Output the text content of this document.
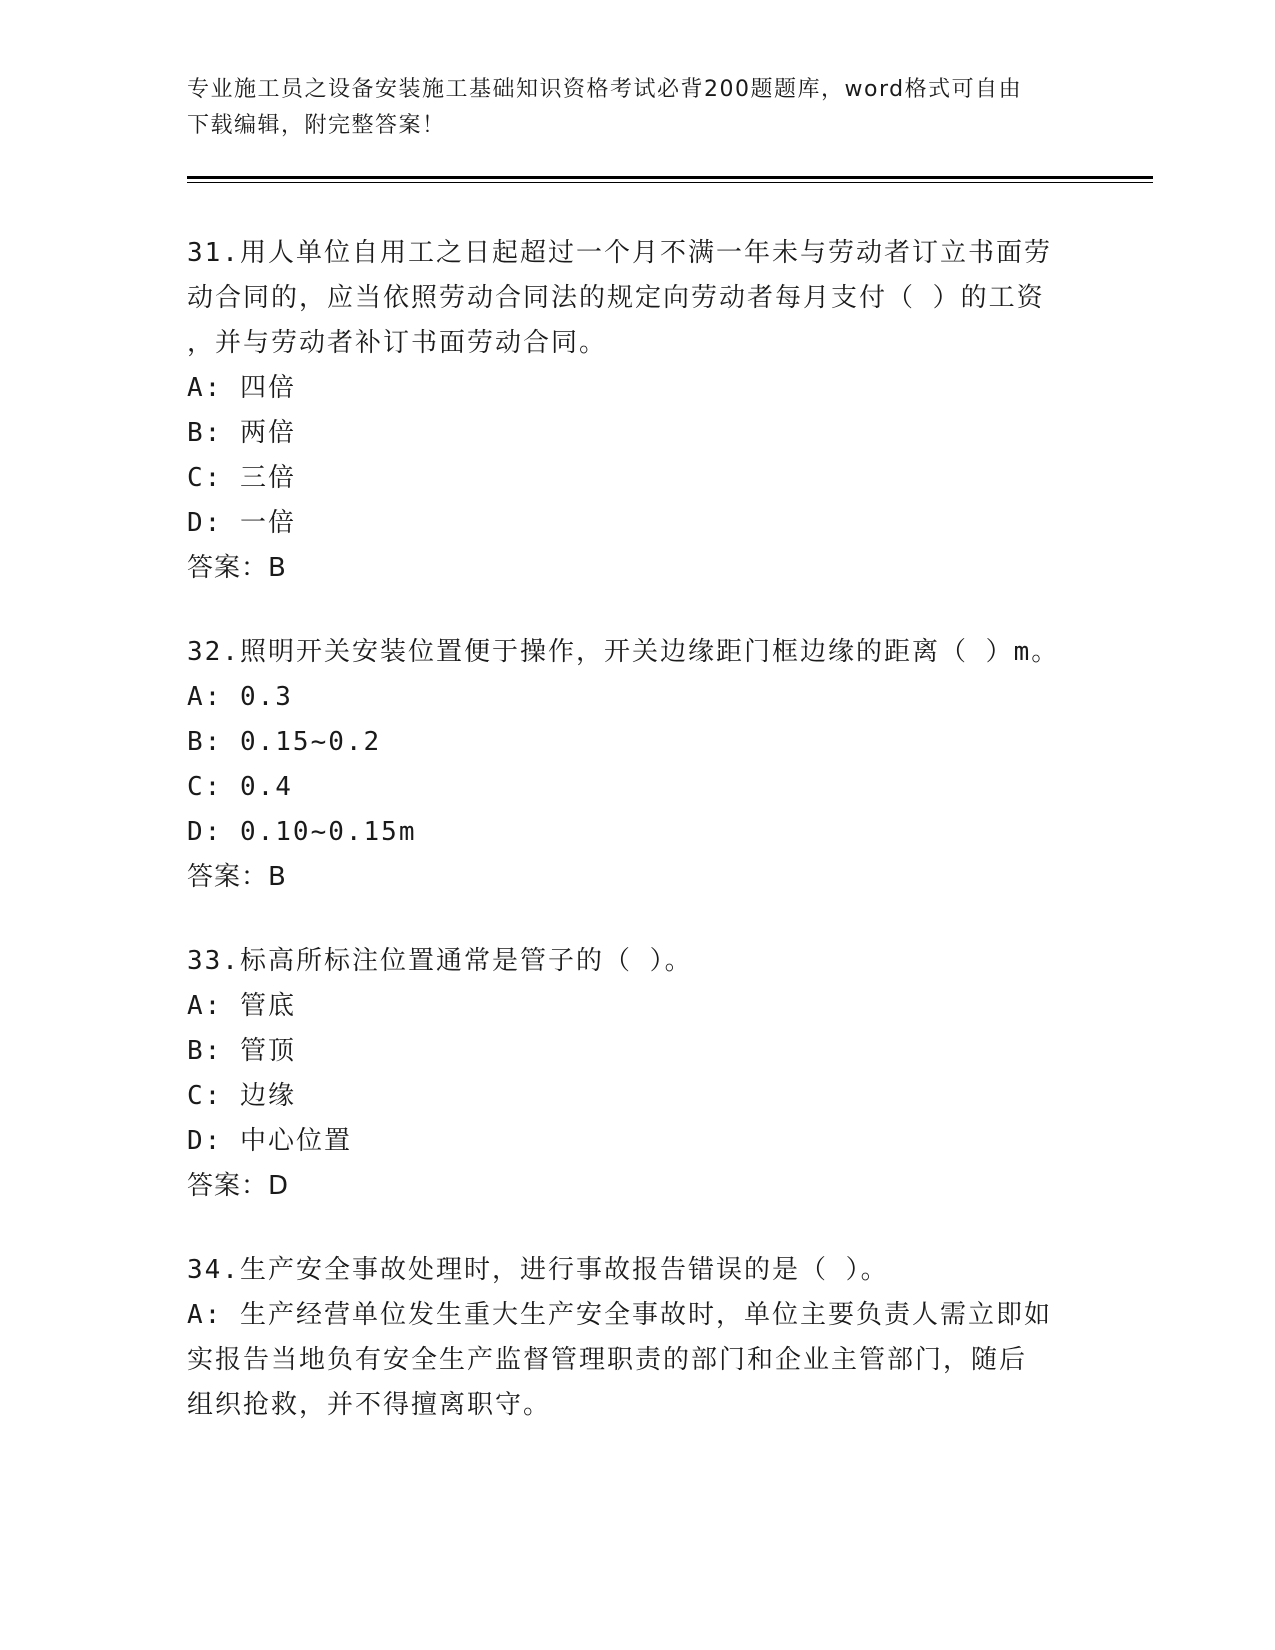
专业施工员之设备安装施工基础知识资格考试必背200题题库，word格式可自由
下载编辑，附完整答案！

31.用人单位自用工之日起超过一个月不满一年未与劳动者订立书面劳

动合同的，应当依照劳动合同法的规定向劳动者每月支付（ ）的工资

，并与劳动者补订书面劳动合同。

A: 四倍

B: 两倍

C: 三倍

D: 一倍

答案：B

32.照明开关安装位置便于操作，开关边缘距门框边缘的距离（ ）m。

A: 0.3

B: 0.15~0.2

C: 0.4

D: 0.10~0.15m

答案：B

33.标高所标注位置通常是管子的（ ）。

A: 管底

B: 管顶

C: 边缘

D: 中心位置

答案：D

34.生产安全事故处理时，进行事故报告错误的是（ ）。

A: 生产经营单位发生重大生产安全事故时，单位主要负责人需立即如

实报告当地负有安全生产监督管理职责的部门和企业主管部门，随后

组织抢救，并不得擅离职守。
